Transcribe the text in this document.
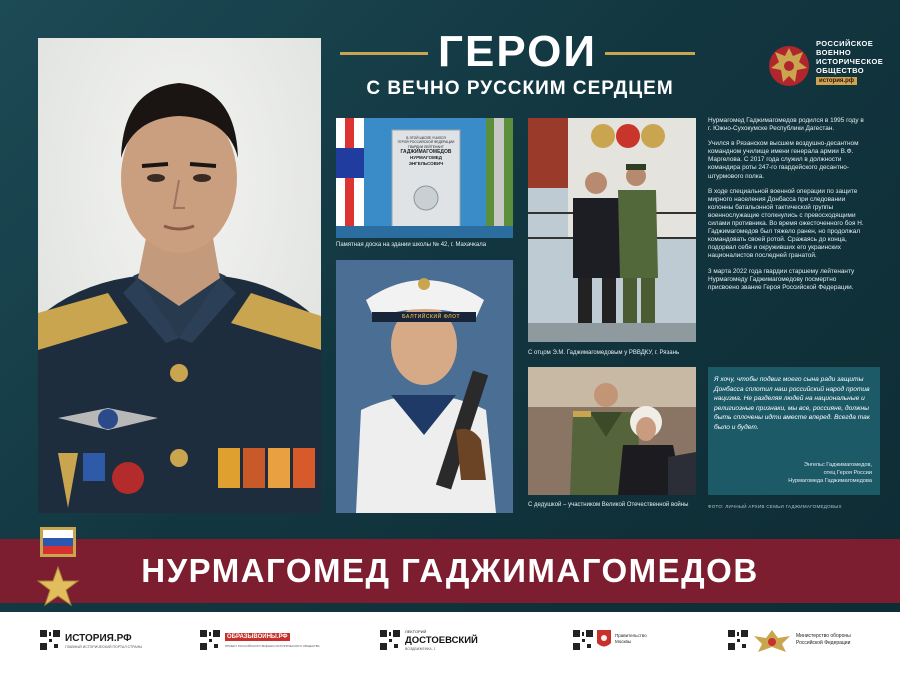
ГЕРОИ
С ВЕЧНО РУССКИМ СЕРДЦЕМ
РОССИЙСКОЕ
ВОЕННО
ИСТОРИЧЕСКОЕ
ОБЩЕСТВО
история.рф
В ЭТОЙ ШКОЛЕ УЧИЛСЯ
ГЕРОЙ РОССИЙСКОЙ ФЕДЕРАЦИИ
ГВАРДИИ ЛЕЙТЕНАНТ
ГАДЖИМАГОМЕДОВ
НУРМАГОМЕД
ЭНГЕЛЬСОВИЧ
Памятная доска на здании школы № 42, г. Махачкала
БАЛТИЙСКИЙ ФЛОТ
С отцом Э.М. Гаджимагомедовым у РВВДКУ, г. Рязань
С дедушкой – участником Великой Отечественной войны

Нурмагомед Гаджимагомедов родился в 1995 году в г. Южно-Сухокумске Республики Дагестан.

Учился в Рязанском высшем воздушно-десантном командном училище имени генерала армии В.Ф. Маргелова. С 2017 года служил в должности командира роты 247-го гвардейского десантно-штурмового полка.

В ходе специальной военной операции по защите мирного населения Донбасса при следовании колонны батальонной тактической группы военнослужащие столкнулись с превосходящими силами противника. Во время ожесточенного боя Н. Гаджимагомедов был тяжело ранен, но продолжал командовать своей ротой. Сражаясь до конца, подорвал себя и окруживших его украинских националистов последней гранатой.

3 марта 2022 года гвардии старшему лейтенанту Нурмагомеду Гаджимагомедову посмертно присвоено звание Героя Российской Федерации.

Я хочу, чтобы подвиг моего сына ради защиты Донбасса сплотил наш российский народ против нацизма. Не разделяя людей на национальные и религиозные признаки, мы все, россияне, должны быть сплочены идти вместе вперед. Всегда так было и будет.
Энгельс Гаджимагомедов,
отец Героя России
Нурмагомеда Гаджимагомедова
ФОТО: ЛИЧНЫЙ АРХИВ СЕМЬИ ГАДЖИМАГОМЕДОВЫХ
НУРМАГОМЕД ГАДЖИМАГОМЕДОВ
ИСТОРИЯ.РФ
ГЛАВНЫЙ ИСТОРИЧЕСКИЙ ПОРТАЛ СТРАНЫ
ОБРАЗЫВОЙНЫ.РФ
ПРОЕКТ РОССИЙСКОГО ВОЕННО-ИСТОРИЧЕСКОГО ОБЩЕСТВА
ЛЕКТОРИЙ
ДОСТОЕВСКИЙ
ВОЗДВИЖЕНКА, 1
Правительство
Москвы
Министерство обороны
Российской Федерации
